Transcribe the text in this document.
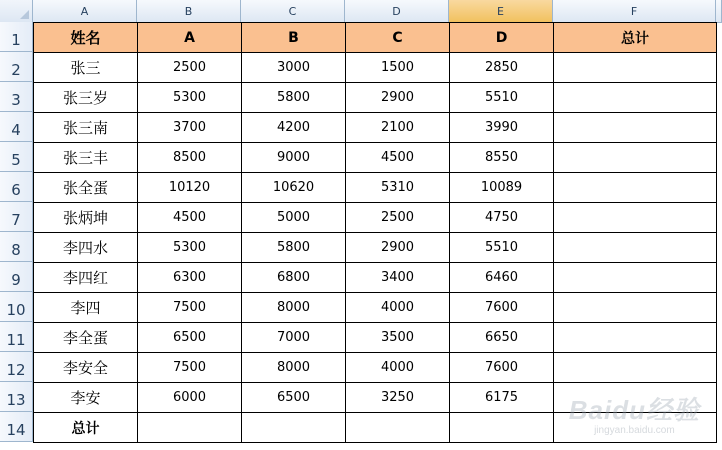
A	B	C	D	E	F
1
2
3
4
5
6
7
8
9
10
11
12
13
14
姓名	A	B	C	D	总计
张三	2500	3000	1500	2850	
张三岁	5300	5800	2900	5510	
张三南	3700	4200	2100	3990	
张三丰	8500	9000	4500	8550	
张全蛋	10120	10620	5310	10089	
张炳坤	4500	5000	2500	4750	
李四水	5300	5800	2900	5510	
李四红	6300	6800	3400	6460	
李四	7500	8000	4000	7600	
李全蛋	6500	7000	3500	6650	
李安全	7500	8000	4000	7600	
李安	6000	6500	3250	6175	
总计					
Baidu经验
jingyan.baidu.com
